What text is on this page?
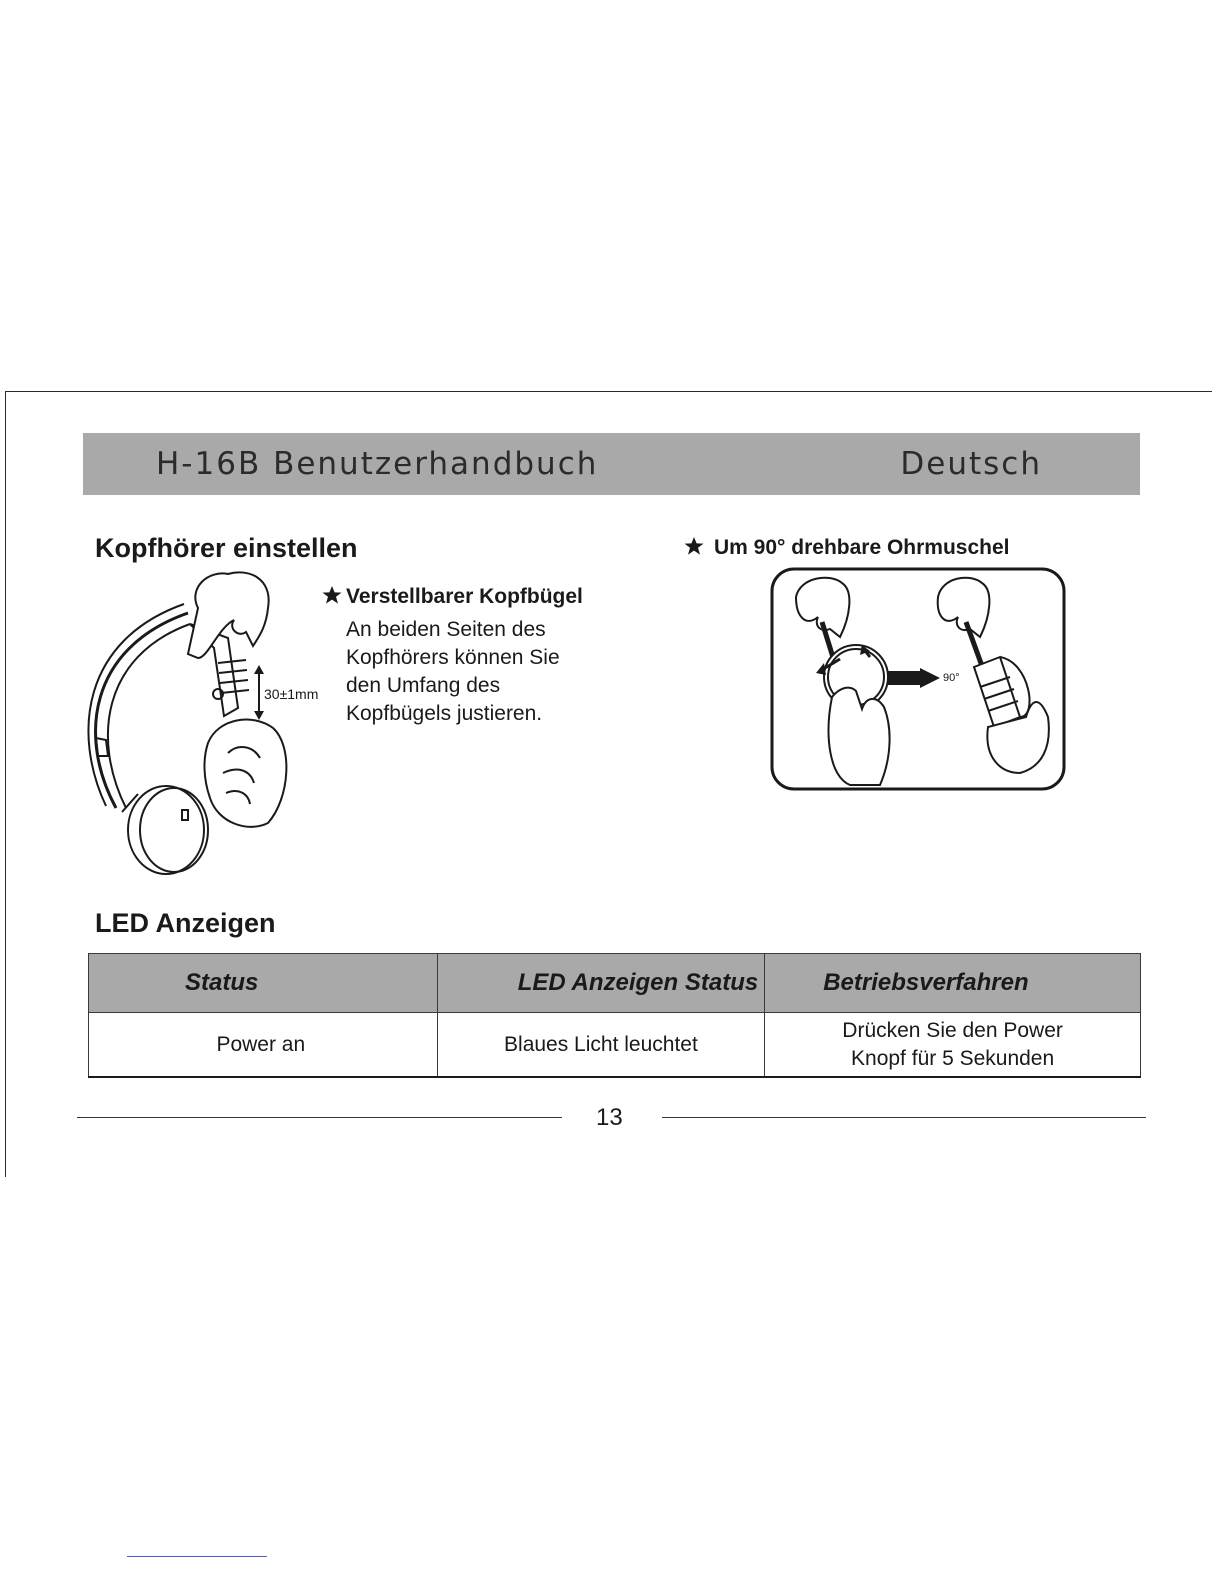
H-16B Benutzerhandbuch	Deutsch
Kopfhörer einstellen
30±1mm
Verstellbarer Kopfbügel
An beiden Seiten des
Kopfhörers können Sie
den Umfang des
Kopfbügels justieren.
Um 90° drehbare Ohrmuschel
90°
LED Anzeigen
Status	LED Anzeigen Status	Betriebsverfahren
Power an	Blaues Licht leuchtet	Drücken Sie den Power
Knopf für 5 Sekunden
13
